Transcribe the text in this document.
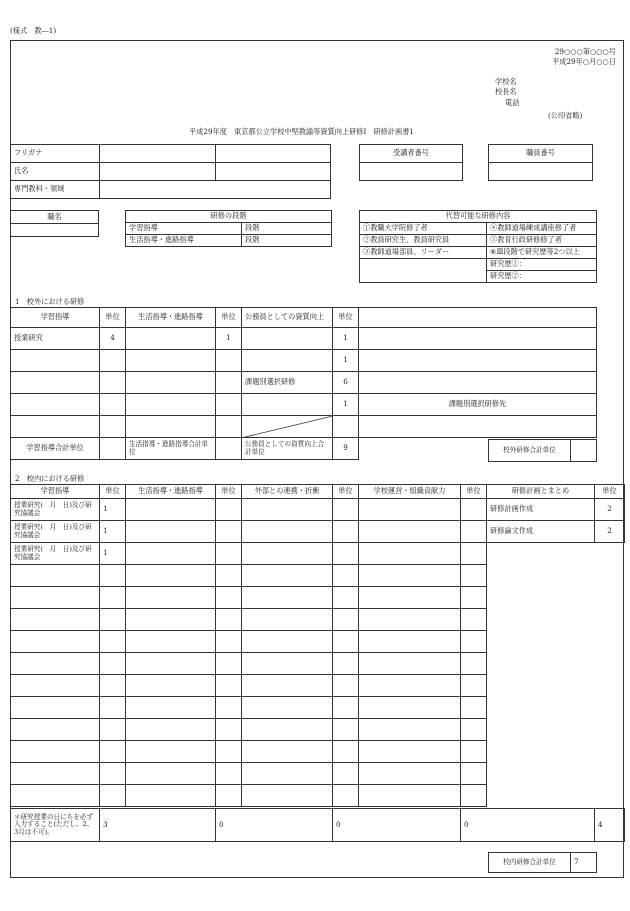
(様式　教―1)
29○○○第○○○号
平成29年○月○○日
学校名
校長名
電話
(公印省略)
平成29年度　東京都公立学校中堅教諭等資質向上研修Ⅰ　研修計画書1
フリガナ		
氏名		
専門教科・領域		
受講者番号	職員番号

職名	研修の段階	
学習指導	段階
生活指導・進路指導	段階
代替可能な研修内容	
①教職大学院修了者	④教師道場練成講座修了者
②教員研究生、教員研究員	⑤教育行政研修修了者
③教師道場部員、リーダー	⑥Ⅲ段階で研究歴等2つ以上
	研究歴①：
	研究歴②：
1　校外における研修
学習指導	単位	生活指導・進路指導	単位	公務員としての資質向上	単位	
授業研究	4		1		1	
					1	
				課題別選択研修	6	
					1	課題別選択研修先

学習指導合計単位		生活指導・進路指導合計単位		公務員としての資質向上合計単位	9		校外研修合計単位	
2　校内における研修
学習指導	単位	生活指導・進路指導	単位	外部との連携・折衝	単位	学校運営・組織貢献力	単位	研修計画とまとめ	単位
授業研究(　月　日)及び研究協議会	1							研修計画作成	2
授業研究(　月　日)及び研究協議会	1							研修論文作成	2
授業研究(　月　日)及び研究協議会	1								

＊研究授業の日にちを必ず入力すること(ただし、2、3月は不可)。	3	0	0	0	4
校内研修合計単位	7
